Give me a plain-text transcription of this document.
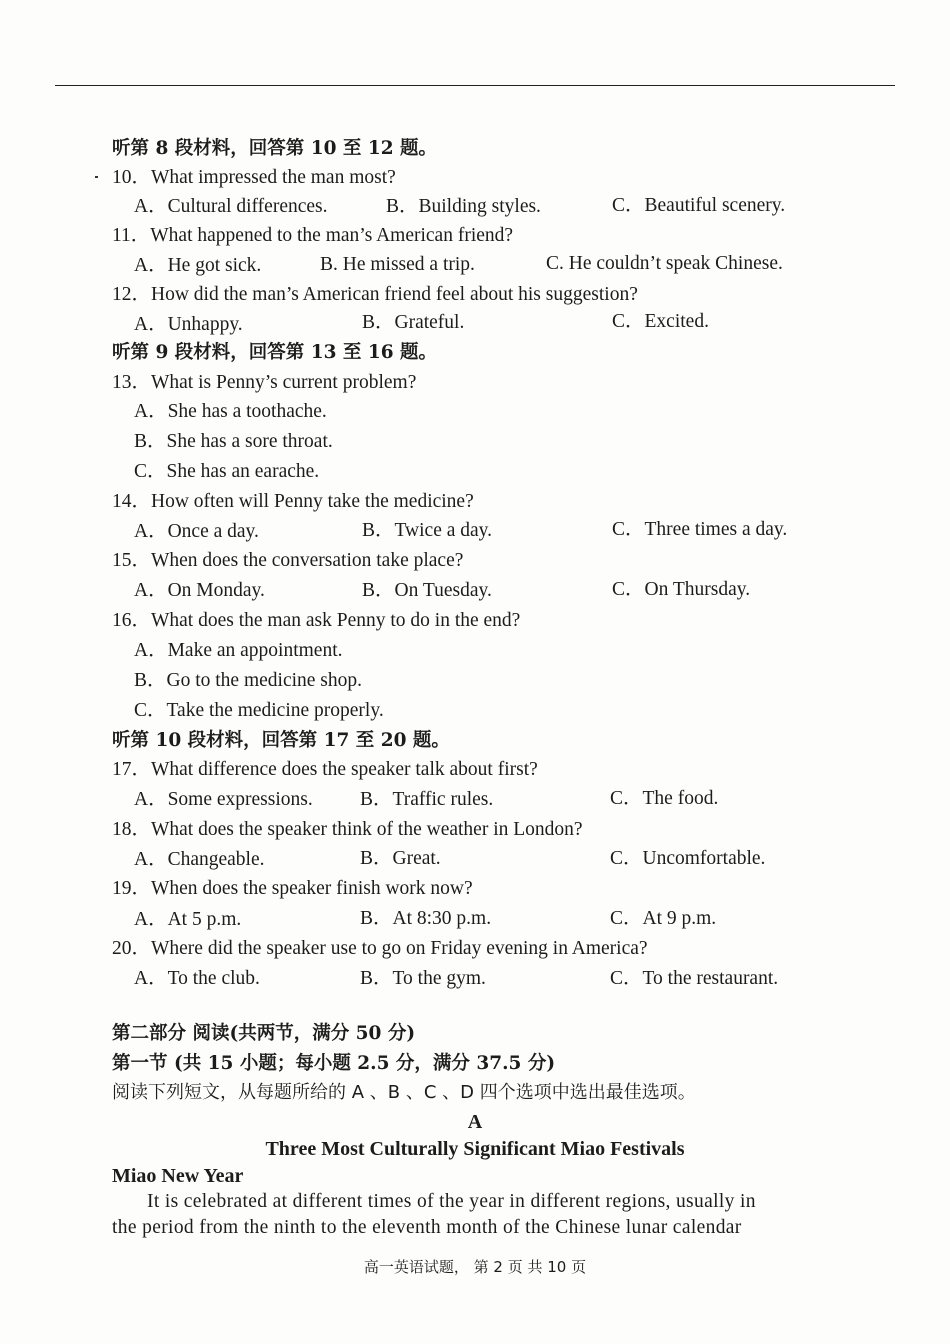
听第 8 段材料，回答第 10 至 12 题。
10．What impressed the man most?
A．Cultural differences.	B．Building styles.	C．Beautiful scenery.
11．What happened to the man’s American friend?
A．He got sick.	B. He missed a trip.	C. He couldn’t speak Chinese.
12．How did the man’s American friend feel about his suggestion?
A．Unhappy.	B．Grateful.	C．Excited.
听第 9 段材料，回答第 13 至 16 题。
13．What is Penny’s current problem?
A．She has a toothache.
B．She has a sore throat.
C．She has an earache.
14．How often will Penny take the medicine?
A．Once a day.	B．Twice a day.	C．Three times a day.
15．When does the conversation take place?
A．On Monday.	B．On Tuesday.	C．On Thursday.
16．What does the man ask Penny to do in the end?
A．Make an appointment.
B．Go to the medicine shop.
C．Take the medicine properly.
听第 10 段材料，回答第 17 至 20 题。
17．What difference does the speaker talk about first?
A．Some expressions. B．Traffic rules.	C．The food.
18．What does the speaker think of the weather in London?
A．Changeable.	B．Great.	C．Uncomfortable.
19．When does the speaker finish work now?
A．At 5 p.m.	B．At 8:30 p.m.	C．At 9 p.m.
20．Where did the speaker use to go on Friday evening in America?
A．To the club.	B．To the gym.	C．To the restaurant.
第二部分 阅读(共两节，满分 50 分)
第一节 (共 15 小题；每小题 2.5 分，满分 37.5 分)
阅读下列短文，从每题所给的 A 、B 、C 、D 四个选项中选出最佳选项。
A
Three Most Culturally Significant Miao Festivals
Miao New Year
It is celebrated at different times of the year in different regions, usually in
the period from the ninth to the eleventh month of the Chinese lunar calendar
高一英语试题， 第 2 页 共 10 页
